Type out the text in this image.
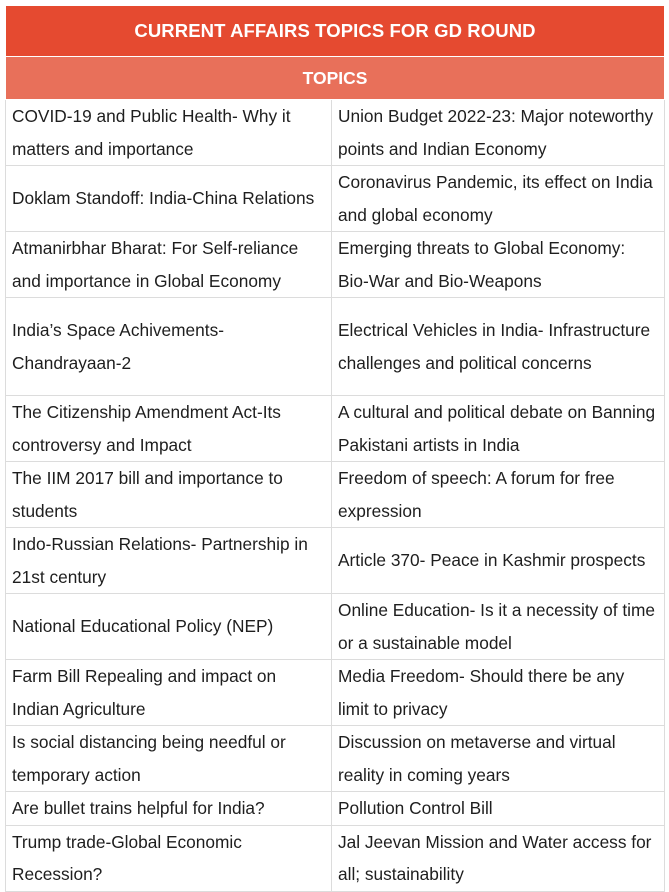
CURRENT AFFAIRS TOPICS FOR GD ROUND	
TOPICS	
COVID-19 and Public Health- Why it matters and importance	Union Budget 2022-23: Major noteworthy points and Indian Economy
Doklam Standoff: India-China Relations	Coronavirus Pandemic, its effect on India and global economy
Atmanirbhar Bharat: For Self-reliance and importance in Global Economy	Emerging threats to Global Economy: Bio-War and Bio-Weapons
India’s Space Achivements- Chandrayaan-2	Electrical Vehicles in India- Infrastructure challenges and political concerns
The Citizenship Amendment Act-Its controversy and Impact	A cultural and political debate on Banning Pakistani artists in India
The IIM 2017 bill and importance to students	Freedom of speech: A forum for free expression
Indo-Russian Relations- Partnership in 21st century	Article 370- Peace in Kashmir prospects
National Educational Policy (NEP)	Online Education- Is it a necessity of time or a sustainable model
Farm Bill Repealing and impact on Indian Agriculture	Media Freedom- Should there be any limit to privacy
Is social distancing being needful or temporary action	Discussion on metaverse and virtual reality in coming years
Are bullet trains helpful for India?	Pollution Control Bill
Trump trade-Global Economic Recession?	Jal Jeevan Mission and Water access for all; sustainability
